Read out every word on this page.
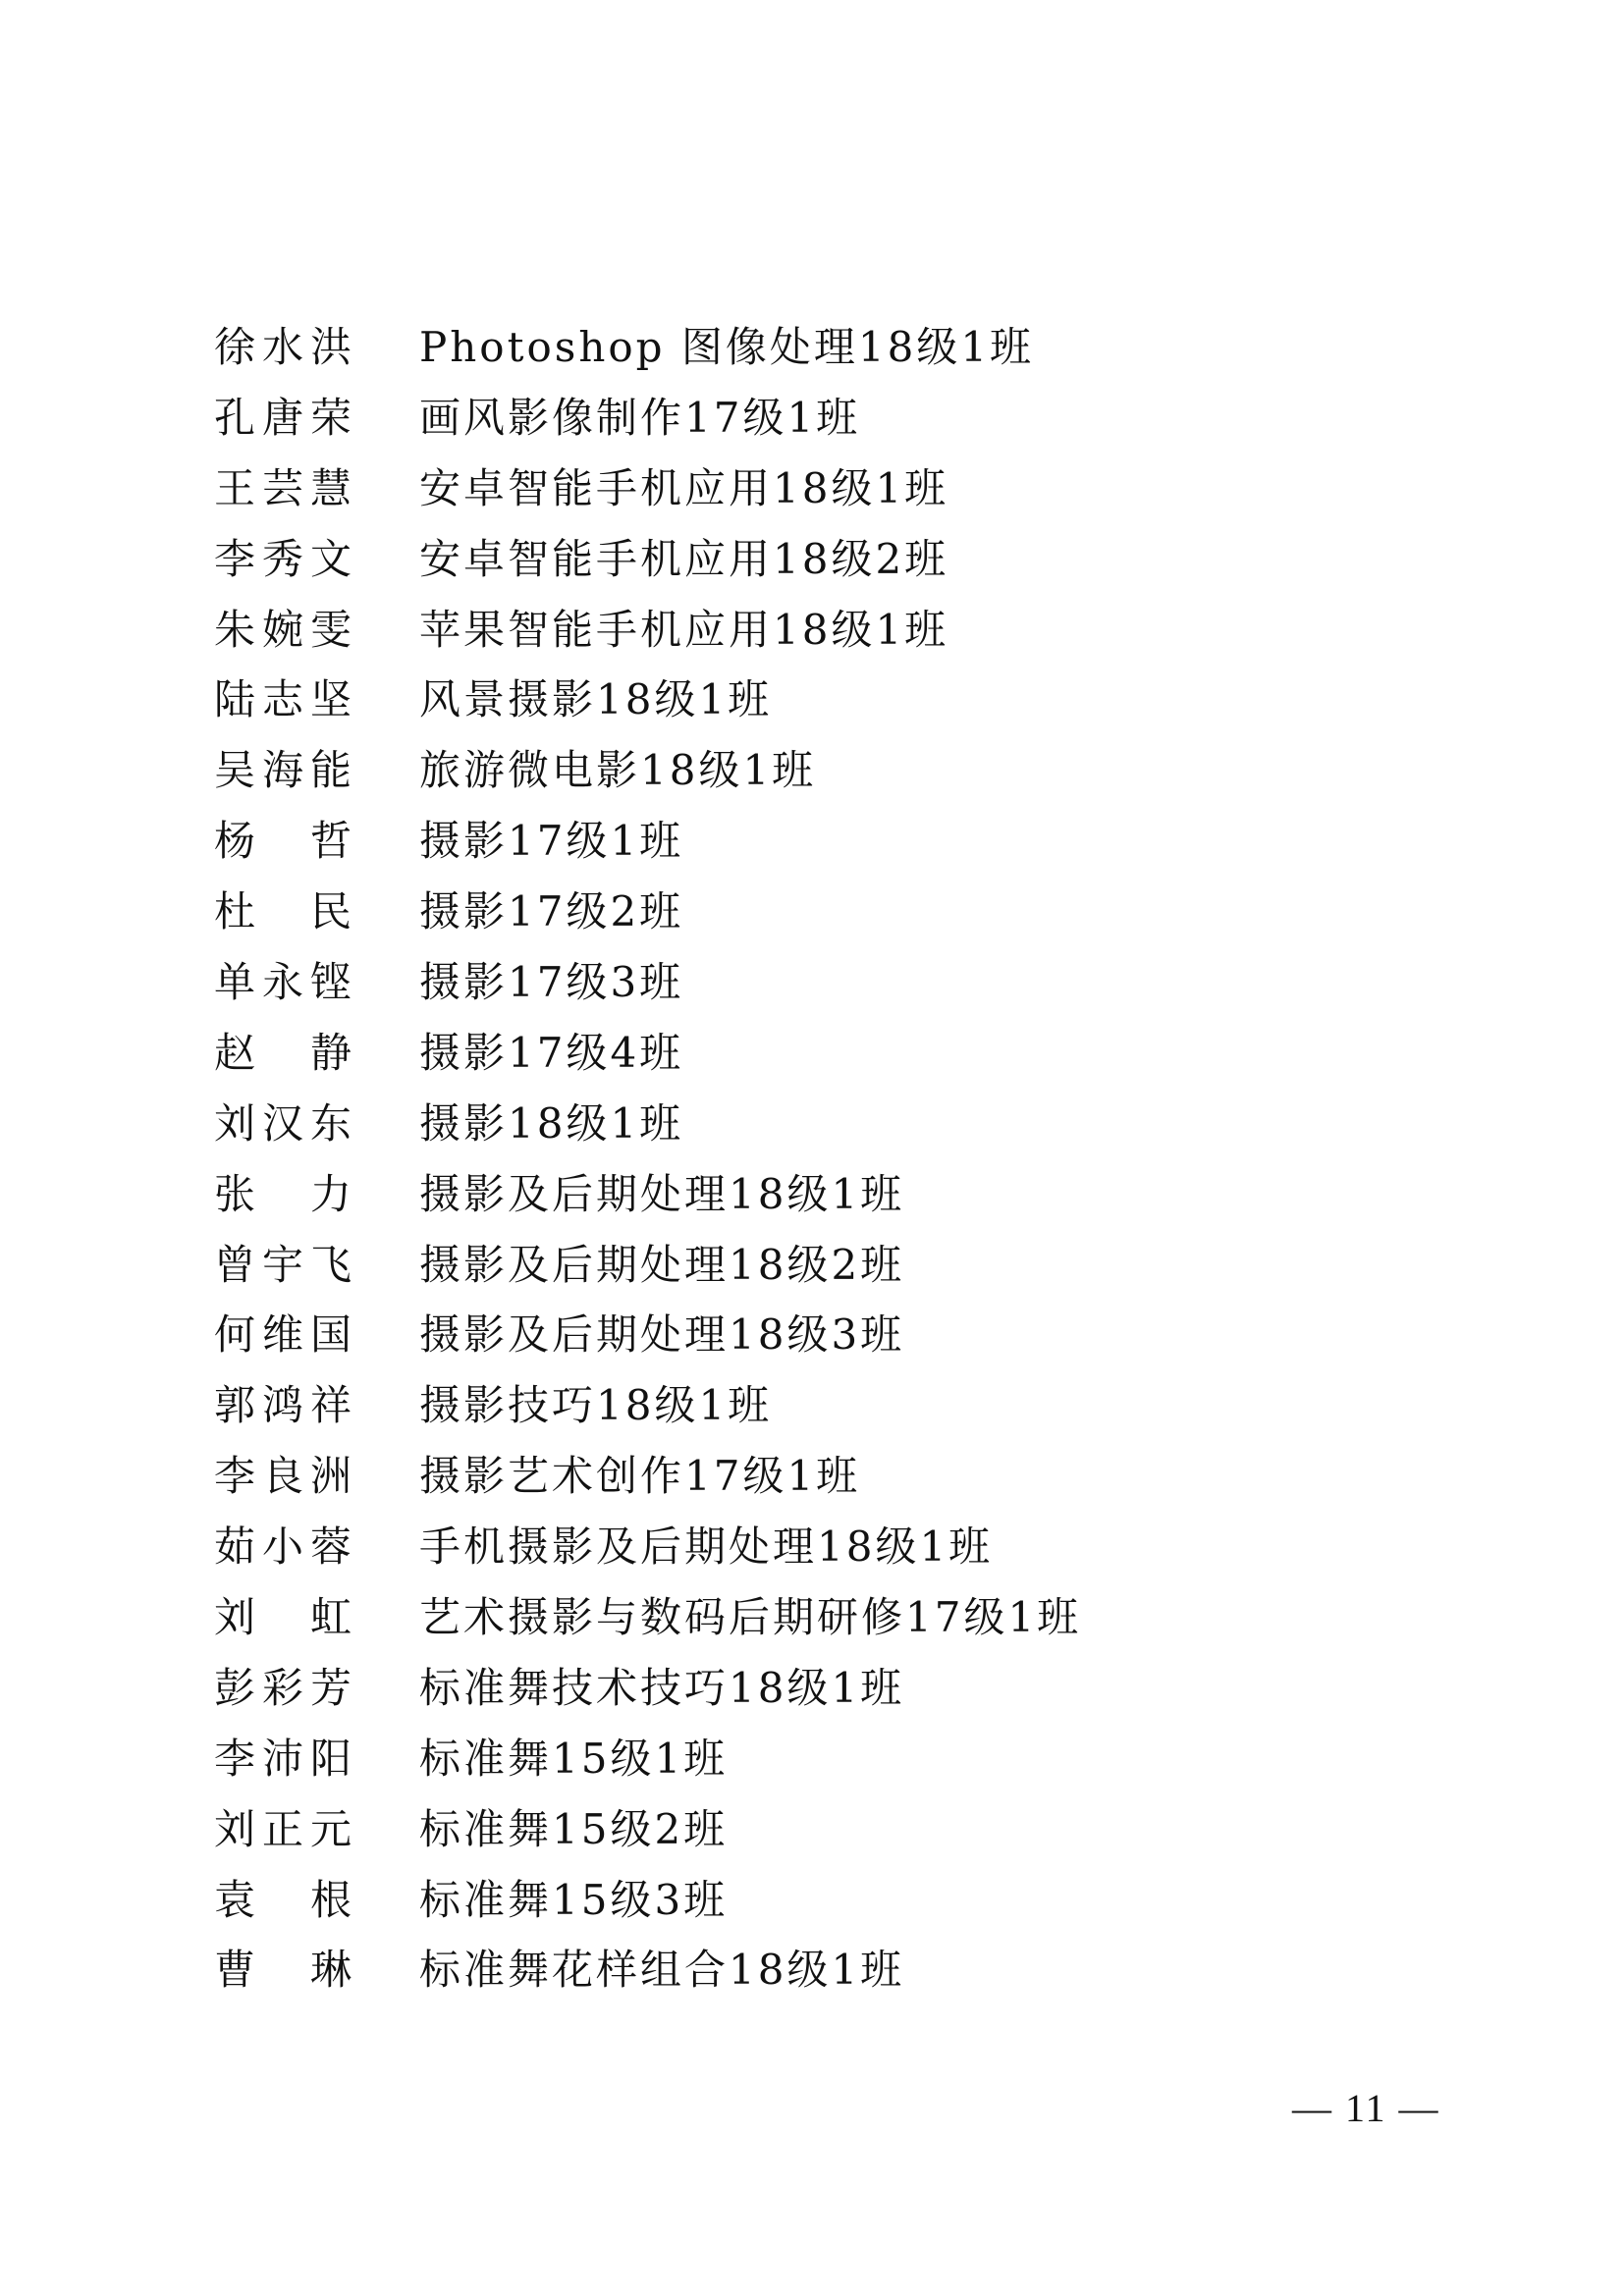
徐水洪	Photoshop 图像处理18级1班
孔唐荣	画风影像制作17级1班
王芸慧	安卓智能手机应用18级1班
李秀文	安卓智能手机应用18级2班
朱婉雯	苹果智能手机应用18级1班
陆志坚	风景摄影18级1班
吴海能	旅游微电影18级1班
杨　哲	摄影17级1班
杜　民	摄影17级2班
单永铿	摄影17级3班
赵　静	摄影17级4班
刘汉东	摄影18级1班
张　力	摄影及后期处理18级1班
曾宇飞	摄影及后期处理18级2班
何维国	摄影及后期处理18级3班
郭鸿祥	摄影技巧18级1班
李良洲	摄影艺术创作17级1班
茹小蓉	手机摄影及后期处理18级1班
刘　虹	艺术摄影与数码后期研修17级1班
彭彩芳	标准舞技术技巧18级1班
李沛阳	标准舞15级1班
刘正元	标准舞15级2班
袁　根	标准舞15级3班
曹　琳	标准舞花样组合18级1班
— 11 —
